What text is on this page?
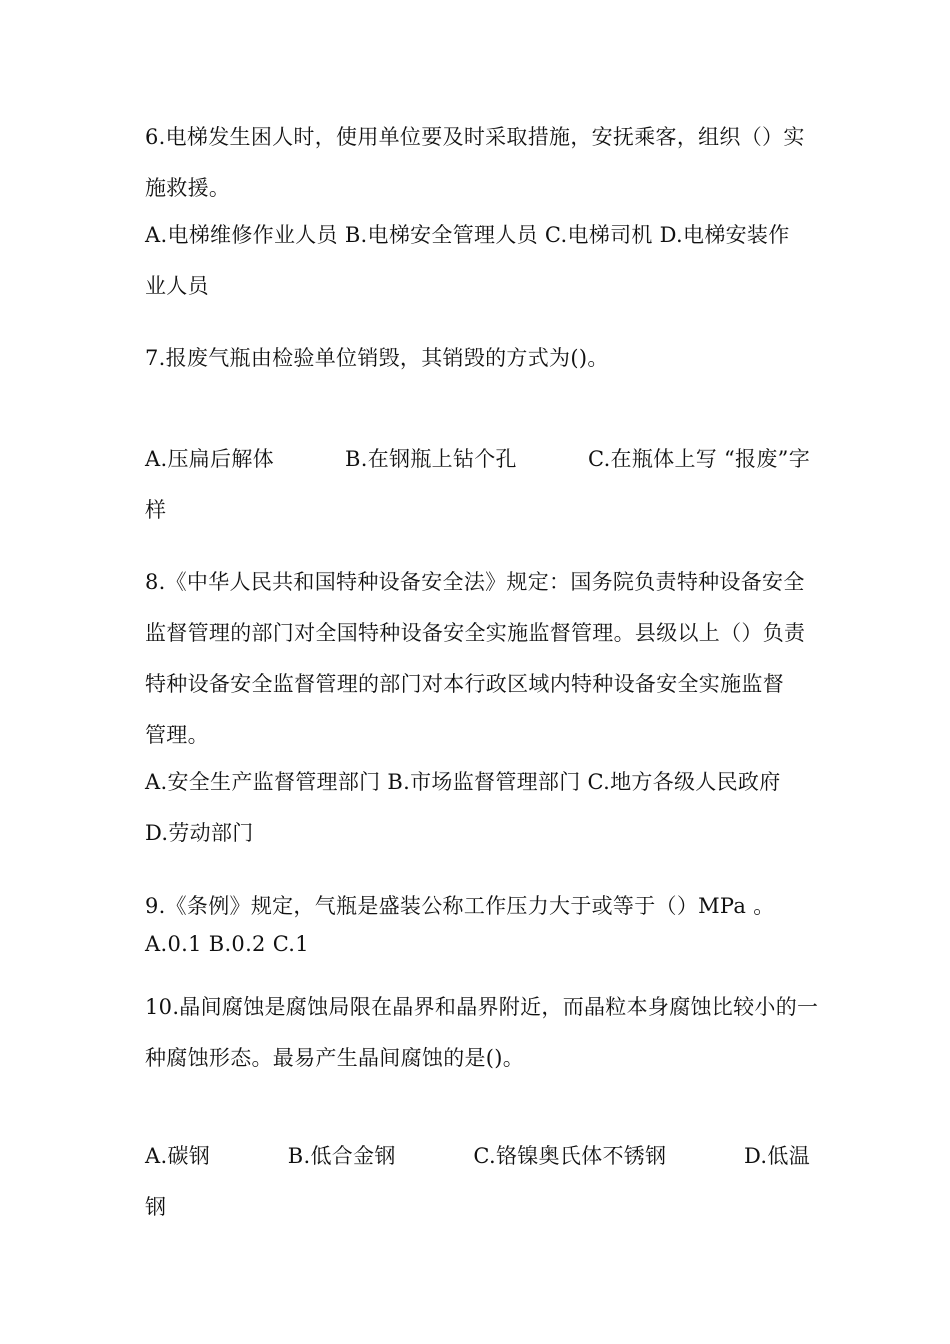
6.电梯发生困人时，使用单位要及时采取措施，安抚乘客，组织（）实

施救援。

A.电梯维修作业人员 B.电梯安全管理人员 C.电梯司机 D.电梯安装作

业人员

7.报废气瓶由检验单位销毁，其销毁的方式为()。

A.压扁后解体	B.在钢瓶上钻个孔	C.在瓶体上写 “报废”字

样

8.《中华人民共和国特种设备安全法》规定：国务院负责特种设备安全

监督管理的部门对全国特种设备安全实施监督管理。县级以上（）负责

特种设备安全监督管理的部门对本行政区域内特种设备安全实施监督

管理。

A.安全生产监督管理部门 B.市场监督管理部门 C.地方各级人民政府

D.劳动部门

9.《条例》规定，气瓶是盛装公称工作压力大于或等于（）MPa 。

A.0.1 B.0.2 C.1

10.晶间腐蚀是腐蚀局限在晶界和晶界附近，而晶粒本身腐蚀比较小的一

种腐蚀形态。最易产生晶间腐蚀的是()。

A.碳钢	B.低合金钢	C.铬镍奥氏体不锈钢	D.低温

钢
